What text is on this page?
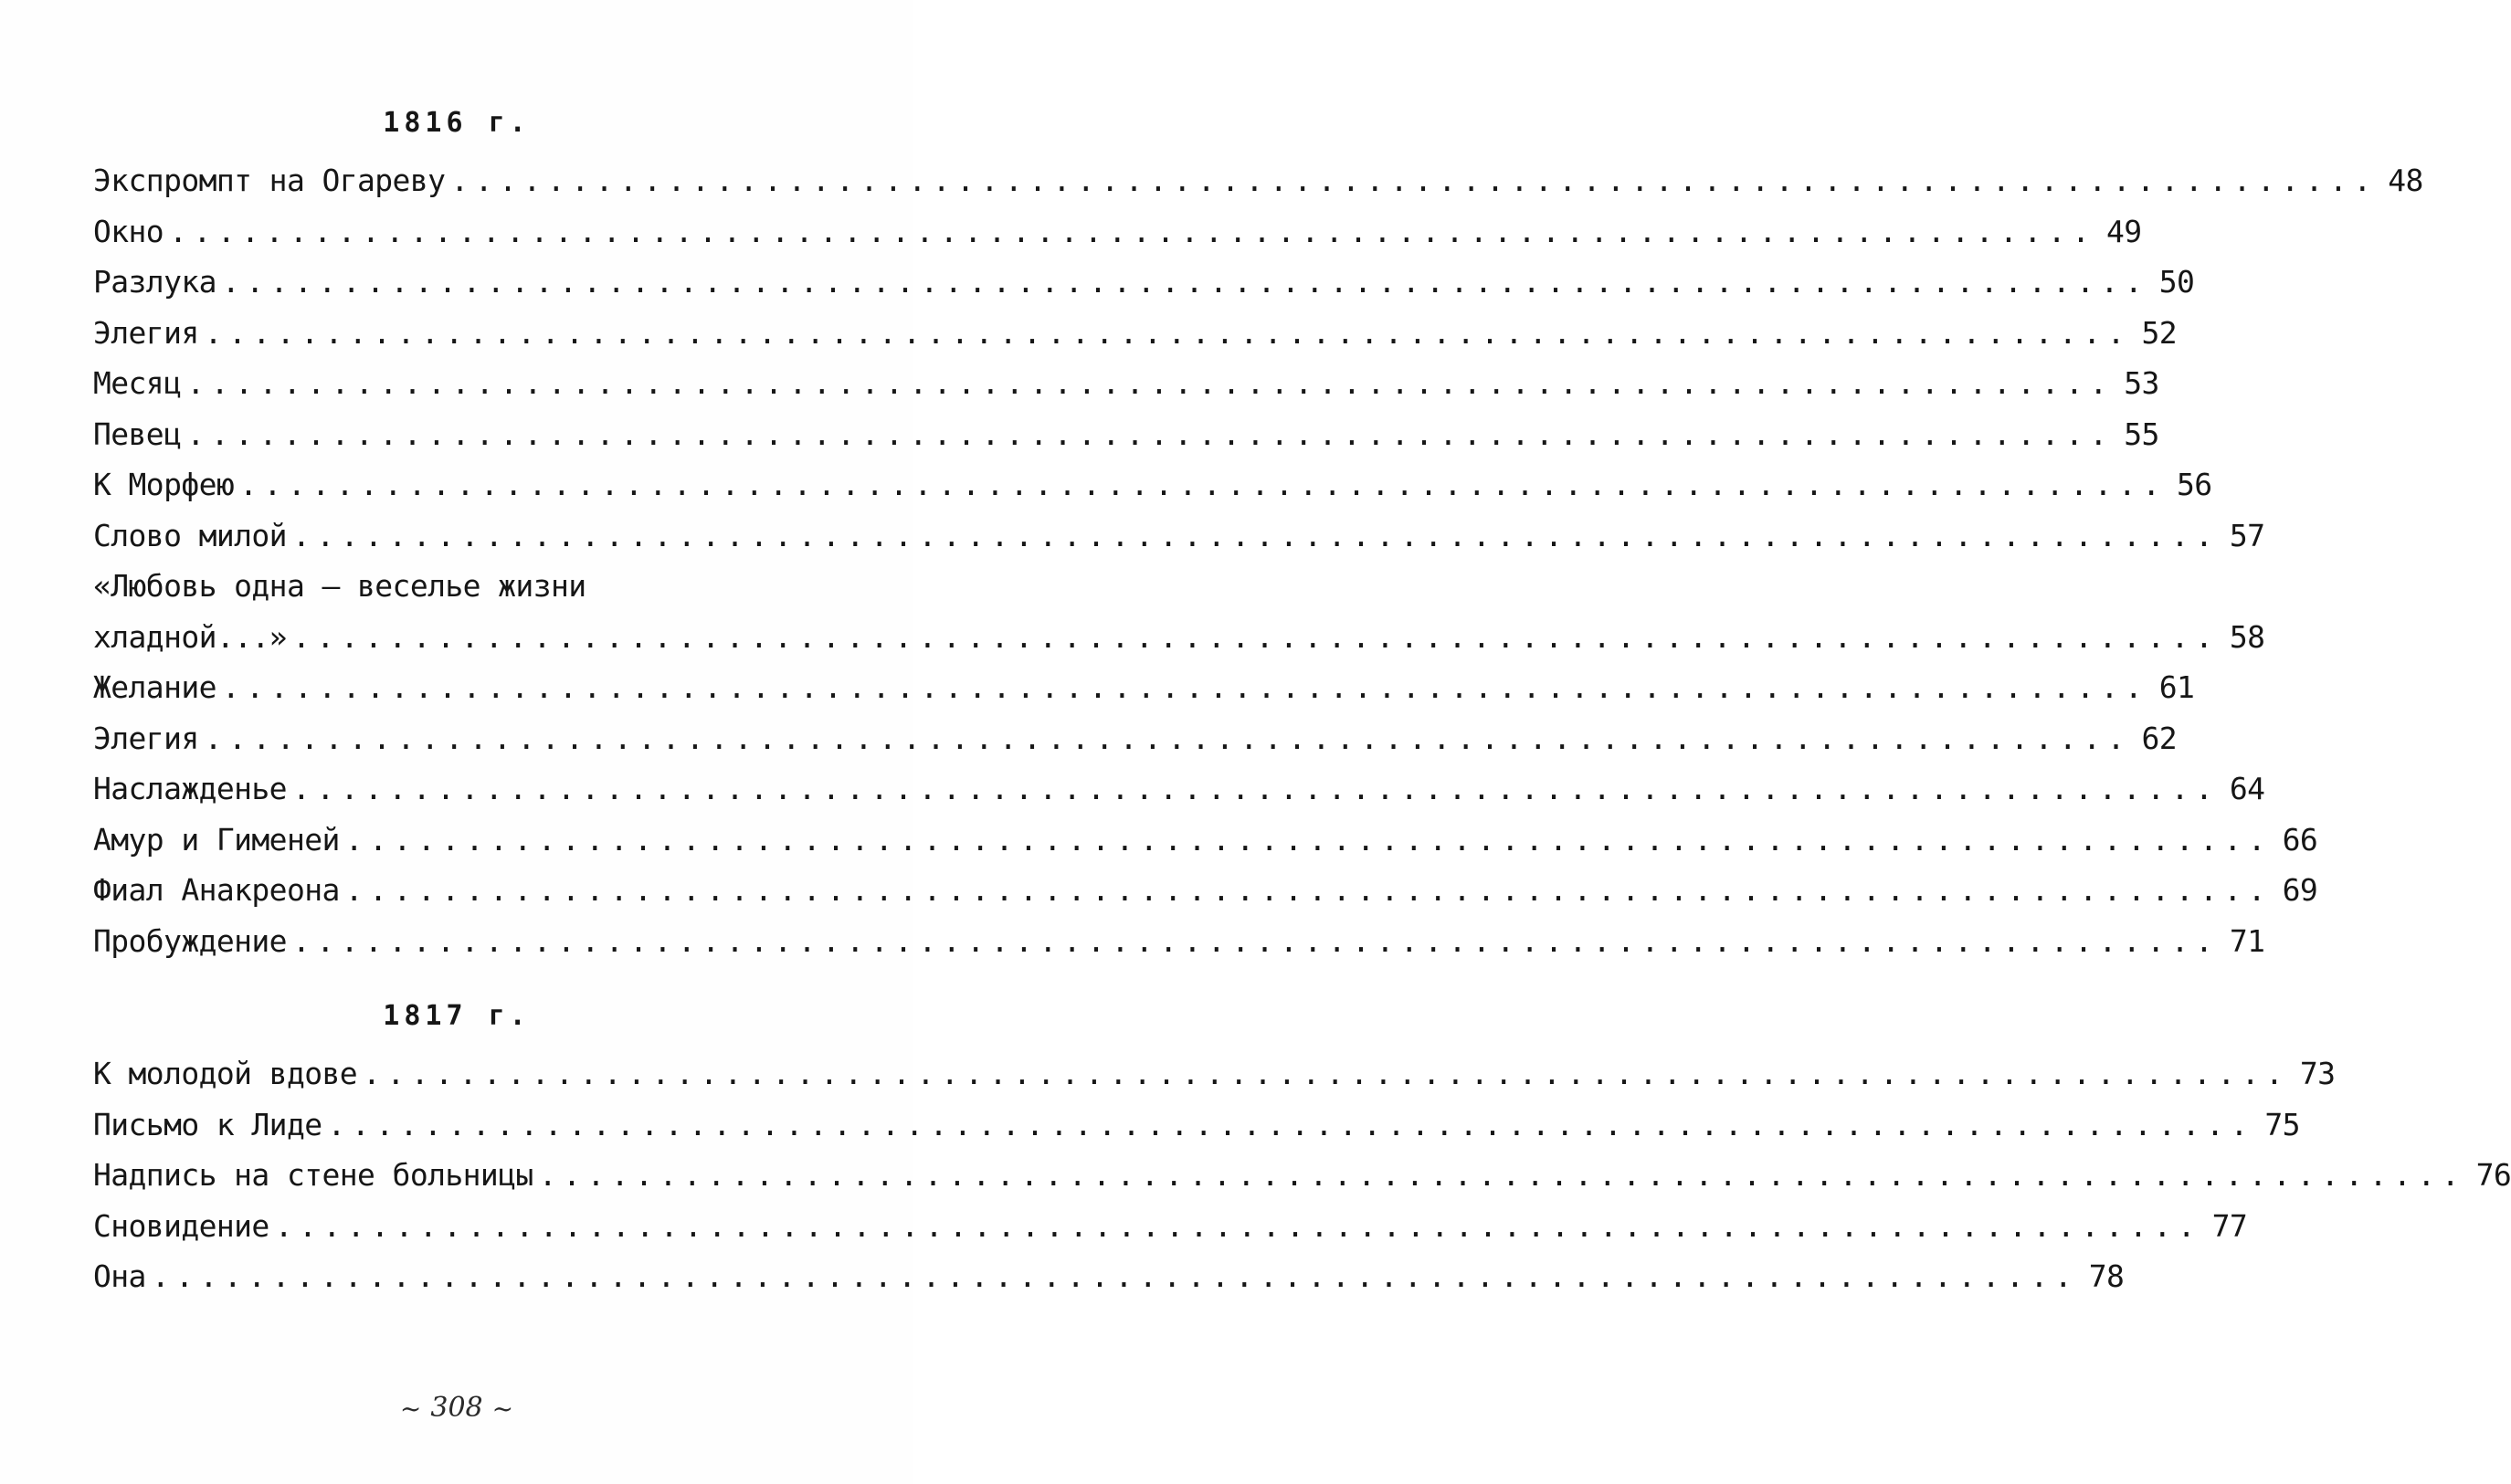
1816 г.
Экспромпт на Огареву ................................................................................ 48
Окно ................................................................................ 49
Разлука ................................................................................ 50
Элегия ................................................................................ 52
Месяц ................................................................................ 53
Певец ................................................................................ 55
К Морфею ................................................................................ 56
Слово милой ................................................................................ 57
«Любовь одна — веселье жизни
хладной...» ................................................................................ 58
Желание ................................................................................ 61
Элегия ................................................................................ 62
Наслажденье ................................................................................ 64
Амур и Гименей ................................................................................ 66
Фиал Анакреона ................................................................................ 69
Пробуждение ................................................................................ 71
1817 г.
К молодой вдове ................................................................................ 73
Письмо к Лиде ................................................................................ 75
Надпись на стене больницы ................................................................................ 76
Сновидение ................................................................................ 77
Она ................................................................................ 78
~ 308 ~
